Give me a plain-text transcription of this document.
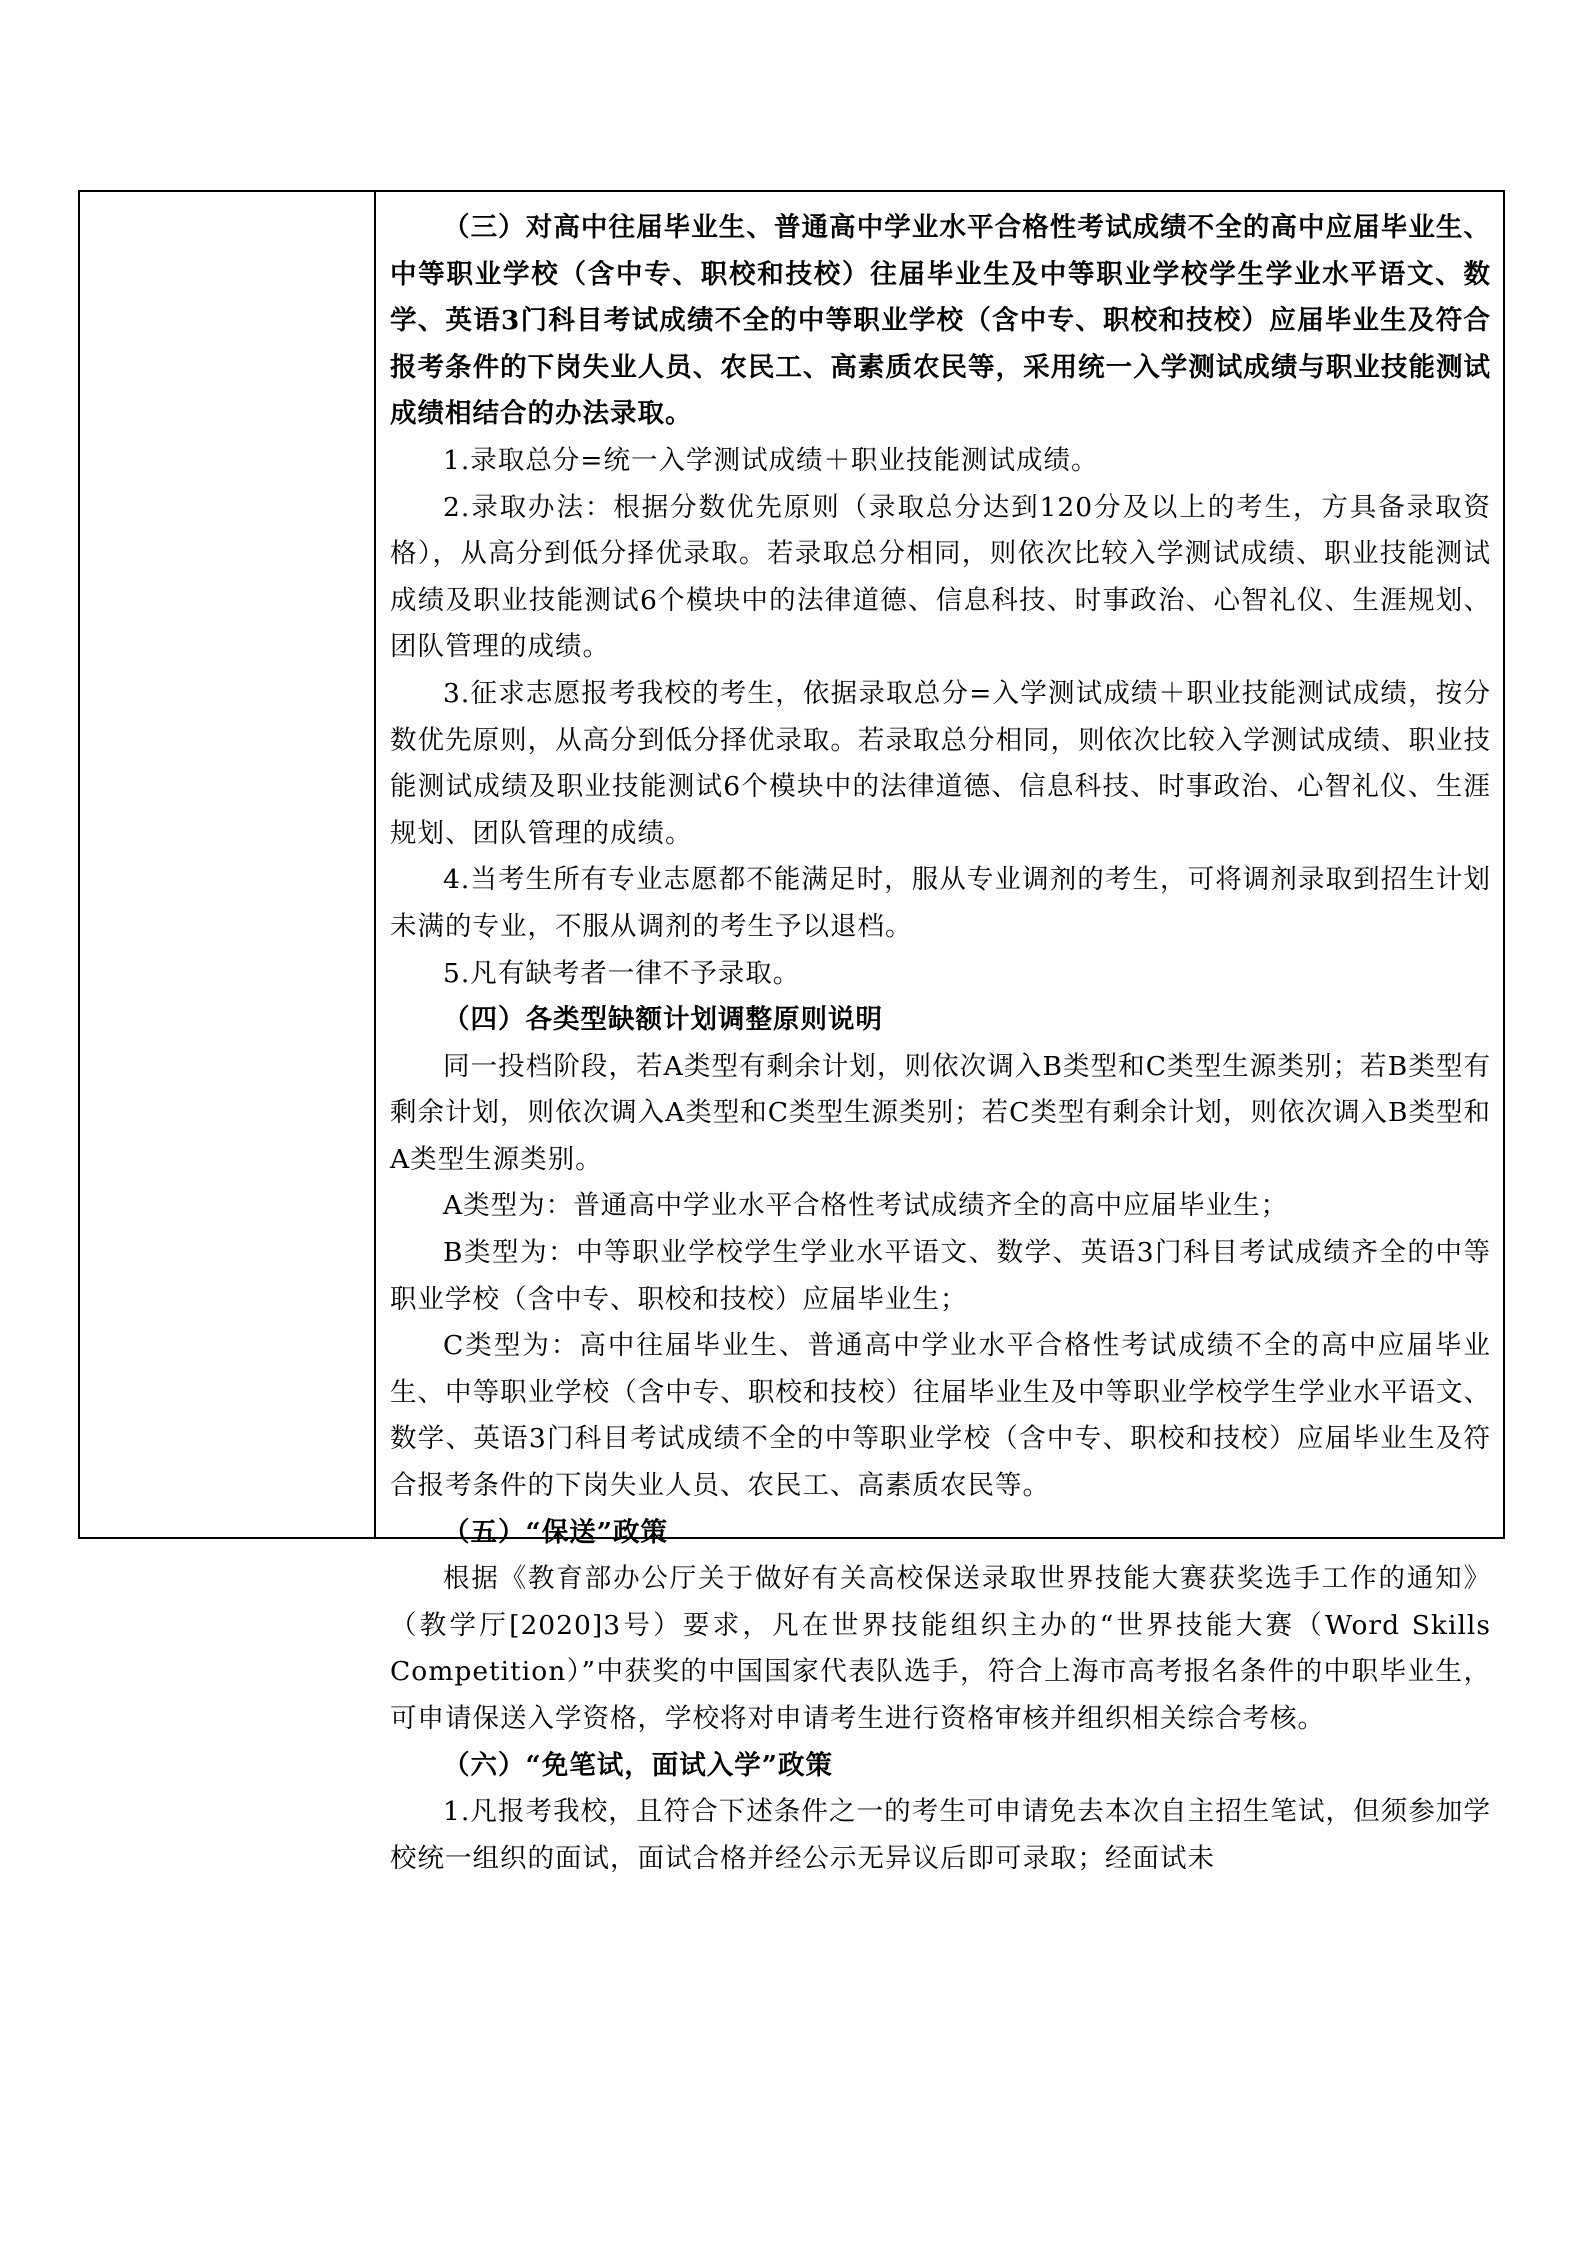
（三）对高中往届毕业生、普通高中学业水平合格性考试成绩不全的高中应届毕业生、中等职业学校（含中专、职校和技校）往届毕业生及中等职业学校学生学业水平语文、数学、英语3门科目考试成绩不全的中等职业学校（含中专、职校和技校）应届毕业生及符合报考条件的下岗失业人员、农民工、高素质农民等，采用统一入学测试成绩与职业技能测试成绩相结合的办法录取。

1.录取总分=统一入学测试成绩＋职业技能测试成绩。

2.录取办法：根据分数优先原则（录取总分达到120分及以上的考生，方具备录取资格），从高分到低分择优录取。若录取总分相同，则依次比较入学测试成绩、职业技能测试成绩及职业技能测试6个模块中的法律道德、信息科技、时事政治、心智礼仪、生涯规划、团队管理的成绩。

3.征求志愿报考我校的考生，依据录取总分=入学测试成绩＋职业技能测试成绩，按分数优先原则，从高分到低分择优录取。若录取总分相同，则依次比较入学测试成绩、职业技能测试成绩及职业技能测试6个模块中的法律道德、信息科技、时事政治、心智礼仪、生涯规划、团队管理的成绩。

4.当考生所有专业志愿都不能满足时，服从专业调剂的考生，可将调剂录取到招生计划未满的专业，不服从调剂的考生予以退档。

5.凡有缺考者一律不予录取。

（四）各类型缺额计划调整原则说明

同一投档阶段，若A类型有剩余计划，则依次调入B类型和C类型生源类别；若B类型有剩余计划，则依次调入A类型和C类型生源类别；若C类型有剩余计划，则依次调入B类型和A类型生源类别。

A类型为：普通高中学业水平合格性考试成绩齐全的高中应届毕业生；

B类型为：中等职业学校学生学业水平语文、数学、英语3门科目考试成绩齐全的中等职业学校（含中专、职校和技校）应届毕业生；

C类型为：高中往届毕业生、普通高中学业水平合格性考试成绩不全的高中应届毕业生、中等职业学校（含中专、职校和技校）往届毕业生及中等职业学校学生学业水平语文、数学、英语3门科目考试成绩不全的中等职业学校（含中专、职校和技校）应届毕业生及符合报考条件的下岗失业人员、农民工、高素质农民等。

（五）“保送”政策

根据《教育部办公厅关于做好有关高校保送录取世界技能大赛获奖选手工作的通知》（教学厅[2020]3号）要求，凡在世界技能组织主办的“世界技能大赛（Word Skills Competition）”中获奖的中国国家代表队选手，符合上海市高考报名条件的中职毕业生，可申请保送入学资格，学校将对申请考生进行资格审核并组织相关综合考核。

（六）“免笔试，面试入学”政策

1.凡报考我校，且符合下述条件之一的考生可申请免去本次自主招生笔试，但须参加学校统一组织的面试，面试合格并经公示无异议后即可录取；经面试未
